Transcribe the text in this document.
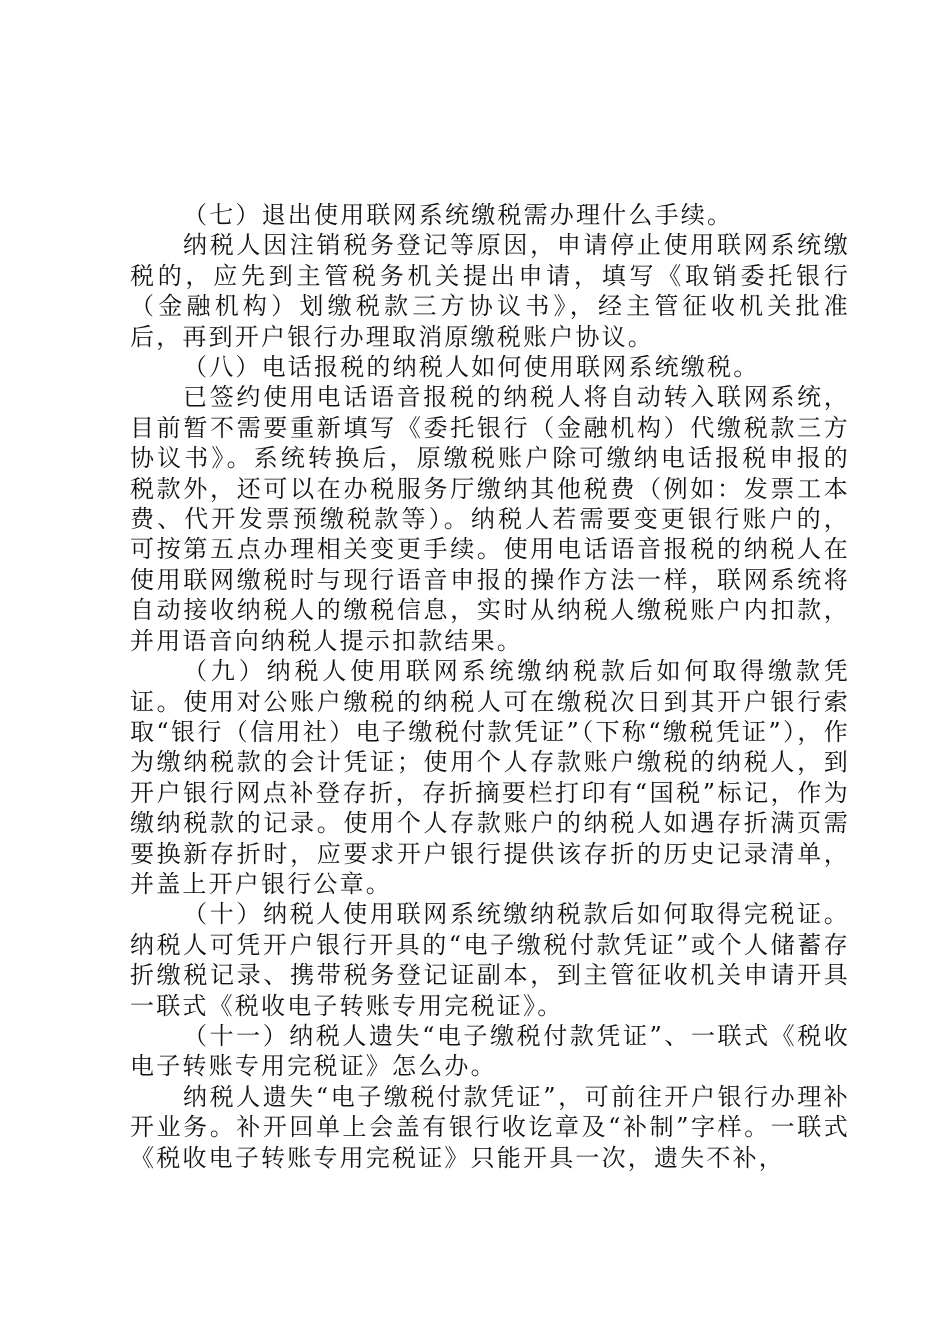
（七）退出使用联网系统缴税需办理什么手续。

纳税人因注销税务登记等原因，申请停止使用联网系统缴税的，应先到主管税务机关提出申请，填写《取销委托银行（金融机构）划缴税款三方协议书》，经主管征收机关批准后，再到开户银行办理取消原缴税账户协议。

（八）电话报税的纳税人如何使用联网系统缴税。

已签约使用电话语音报税的纳税人将自动转入联网系统，目前暂不需要重新填写《委托银行（金融机构）代缴税款三方协议书》。系统转换后，原缴税账户除可缴纳电话报税申报的税款外，还可以在办税服务厅缴纳其他税费（例如：发票工本费、代开发票预缴税款等）。纳税人若需要变更银行账户的，可按第五点办理相关变更手续。使用电话语音报税的纳税人在使用联网缴税时与现行语音申报的操作方法一样，联网系统将自动接收纳税人的缴税信息，实时从纳税人缴税账户内扣款，并用语音向纳税人提示扣款结果。

（九）纳税人使用联网系统缴纳税款后如何取得缴款凭证。使用对公账户缴税的纳税人可在缴税次日到其开户银行索取“银行（信用社）电子缴税付款凭证”（下称“缴税凭证”），作为缴纳税款的会计凭证；使用个人存款账户缴税的纳税人，到开户银行网点补登存折，存折摘要栏打印有“国税”标记，作为缴纳税款的记录。使用个人存款账户的纳税人如遇存折满页需要换新存折时，应要求开户银行提供该存折的历史记录清单，并盖上开户银行公章。

（十）纳税人使用联网系统缴纳税款后如何取得完税证。纳税人可凭开户银行开具的“电子缴税付款凭证”或个人储蓄存折缴税记录、携带税务登记证副本，到主管征收机关申请开具一联式《税收电子转账专用完税证》。

（十一）纳税人遗失“电子缴税付款凭证”、一联式《税收电子转账专用完税证》怎么办。

纳税人遗失“电子缴税付款凭证”，可前往开户银行办理补开业务。补开回单上会盖有银行收讫章及“补制”字样。一联式《税收电子转账专用完税证》只能开具一次，遗失不补，
